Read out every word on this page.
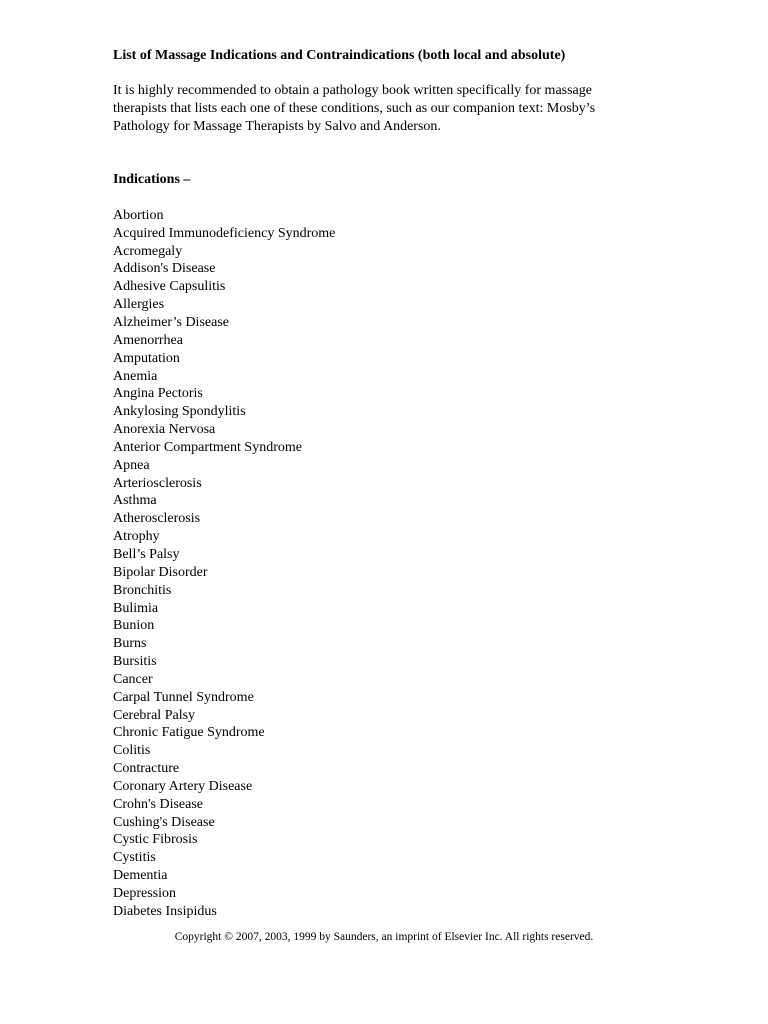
List of Massage Indications and Contraindications (both local and absolute)
It is highly recommended to obtain a pathology book written specifically for massage
therapists that lists each one of these conditions, such as our companion text: Mosby’s
Pathology for Massage Therapists by Salvo and Anderson.
Indications –
Abortion
Acquired Immunodeficiency Syndrome
Acromegaly
Addison's Disease
Adhesive Capsulitis
Allergies
Alzheimer’s Disease
Amenorrhea
Amputation
Anemia
Angina Pectoris
Ankylosing Spondylitis
Anorexia Nervosa
Anterior Compartment Syndrome
Apnea
Arteriosclerosis
Asthma
Atherosclerosis
Atrophy
Bell’s Palsy
Bipolar Disorder
Bronchitis
Bulimia
Bunion
Burns
Bursitis
Cancer
Carpal Tunnel Syndrome
Cerebral Palsy
Chronic Fatigue Syndrome
Colitis
Contracture
Coronary Artery Disease
Crohn's Disease
Cushing's Disease
Cystic Fibrosis
Cystitis
Dementia
Depression
Diabetes Insipidus
Copyright © 2007, 2003, 1999 by Saunders, an imprint of Elsevier Inc. All rights reserved.
